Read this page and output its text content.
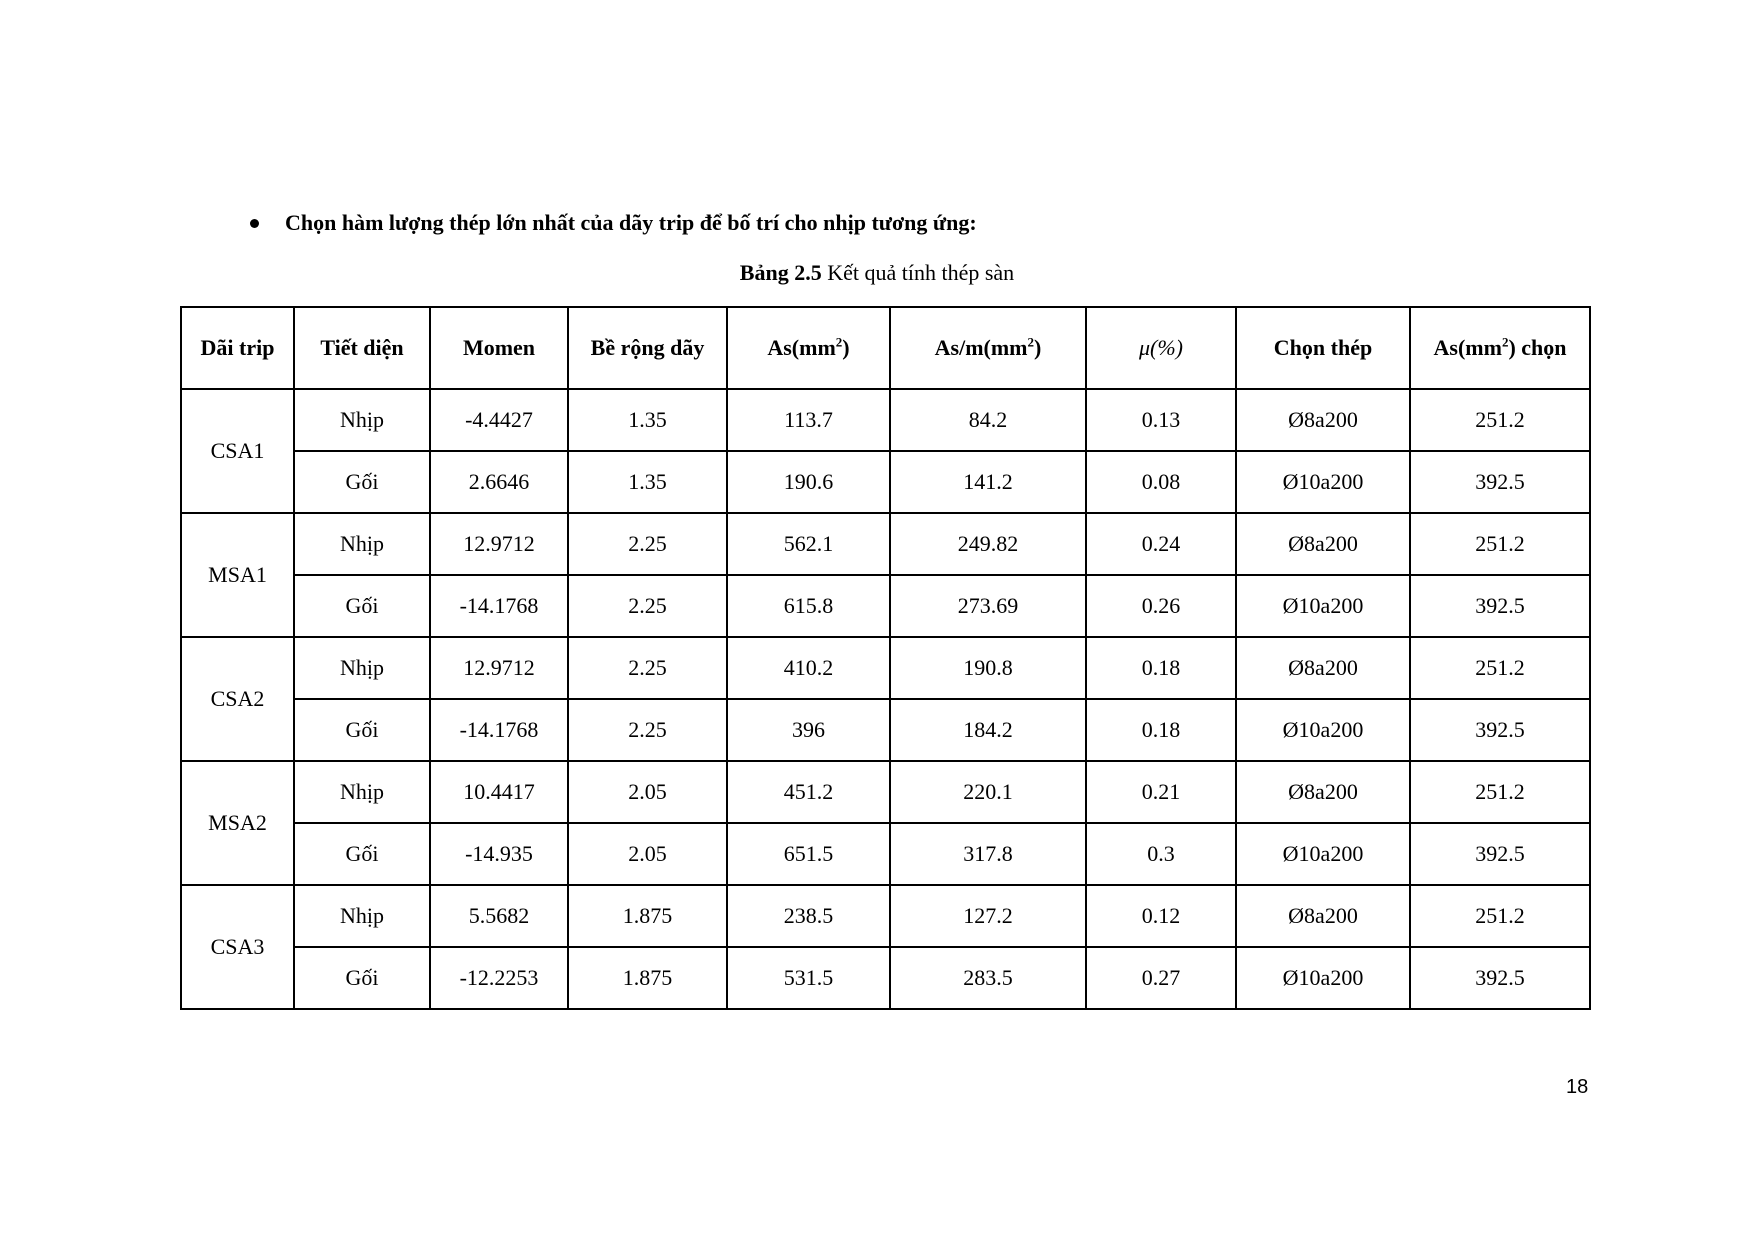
Chọn hàm lượng thép lớn nhất của dãy trip để bố trí cho nhịp tương ứng:
Bảng 2.5 Kết quả tính thép sàn
Dãi trip	Tiết diện	Momen	Bề rộng dãy	$As(mm^2)$	$As/m(mm^2)$	μ(%)	Chọn thép	$As(mm^2)$ chọn
CSA1	Nhịp	-4.4427	1.35	113.7	84.2	0.13	Ø8a200	251.2
	Gối	2.6646	1.35	190.6	141.2	0.08	Ø10a200	392.5
MSA1	Nhịp	12.9712	2.25	562.1	249.82	0.24	Ø8a200	251.2
	Gối	-14.1768	2.25	615.8	273.69	0.26	Ø10a200	392.5
CSA2	Nhịp	12.9712	2.25	410.2	190.8	0.18	Ø8a200	251.2
	Gối	-14.1768	2.25	396	184.2	0.18	Ø10a200	392.5
MSA2	Nhịp	10.4417	2.05	451.2	220.1	0.21	Ø8a200	251.2
	Gối	-14.935	2.05	651.5	317.8	0.3	Ø10a200	392.5
CSA3	Nhịp	5.5682	1.875	238.5	127.2	0.12	Ø8a200	251.2
	Gối	-12.2253	1.875	531.5	283.5	0.27	Ø10a200	392.5
18
